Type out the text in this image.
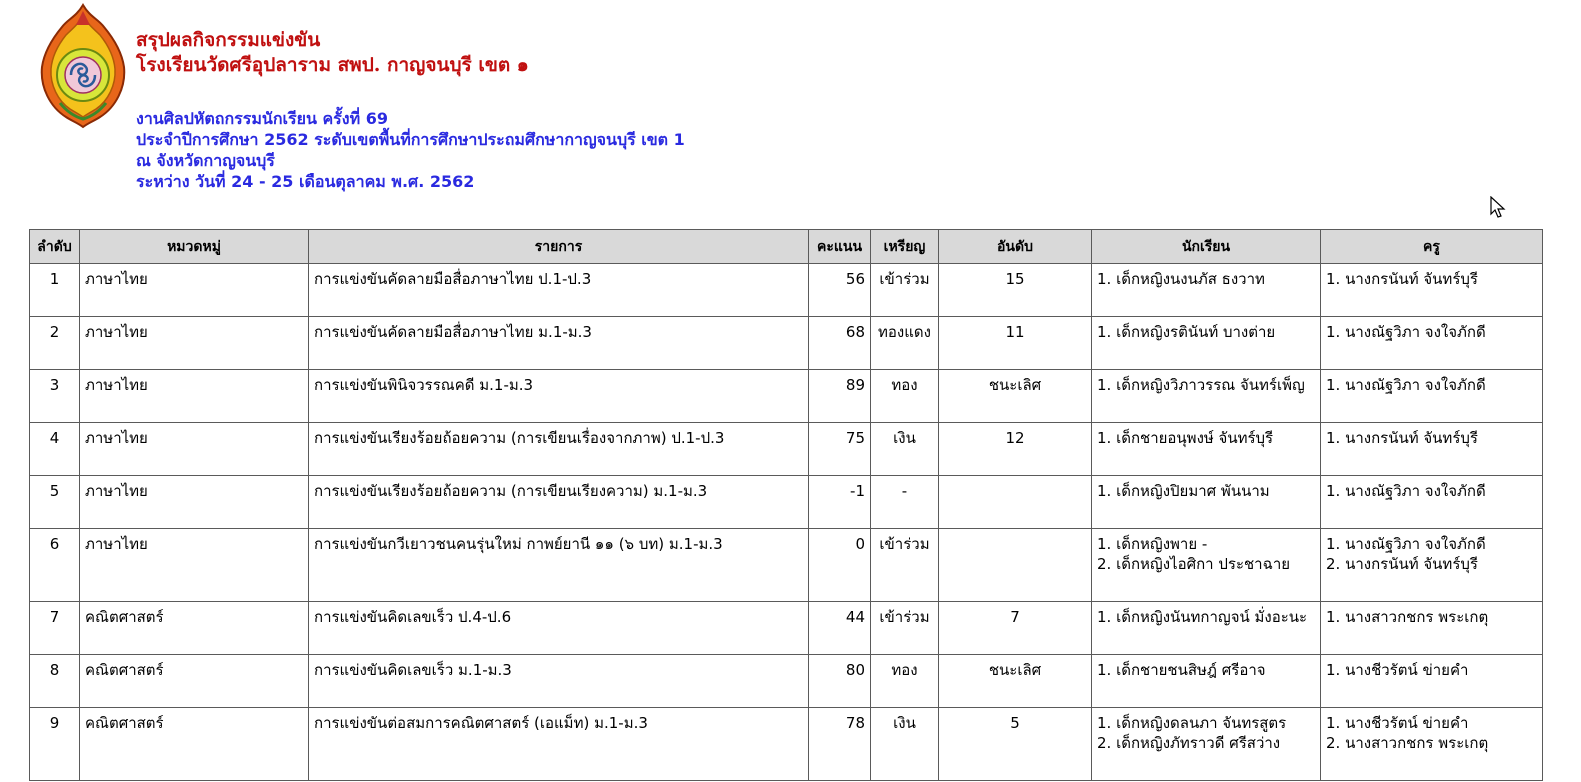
สรุปผลกิจกรรมแข่งขัน
โรงเรียนวัดศรีอุปลาราม สพป. กาญจนบุรี เขต ๑
งานศิลปหัตถกรรมนักเรียน ครั้งที่ 69
ประจำปีการศึกษา 2562 ระดับเขตพื้นที่การศึกษาประถมศึกษากาญจนบุรี เขต 1
ณ จังหวัดกาญจนบุรี
ระหว่าง วันที่ 24 - 25 เดือนตุลาคม พ.ศ. 2562
ลำดับ	หมวดหมู่	รายการ	คะแนน	เหรียญ	อันดับ	นักเรียน	ครู
1	ภาษาไทย	การแข่งขันคัดลายมือสื่อภาษาไทย ป.1-ป.3	56	เข้าร่วม	15	1. เด็กหญิงนงนภัส ธงวาท	1. นางกรนันท์ จันทร์บุรี

2	ภาษาไทย	การแข่งขันคัดลายมือสื่อภาษาไทย ม.1-ม.3	68	ทองแดง	11	1. เด็กหญิงรตินันท์ บางต่าย	1. นางณัฐวิภา จงใจภักดี

3	ภาษาไทย	การแข่งขันพินิจวรรณคดี ม.1-ม.3	89	ทอง	ชนะเลิศ	1. เด็กหญิงวิภาวรรณ จันทร์เพ็ญ	1. นางณัฐวิภา จงใจภักดี

4	ภาษาไทย	การแข่งขันเรียงร้อยถ้อยความ (การเขียนเรื่องจากภาพ) ป.1-ป.3	75	เงิน	12	1. เด็กชายอนุพงษ์ จันทร์บุรี	1. นางกรนันท์ จันทร์บุรี

5	ภาษาไทย	การแข่งขันเรียงร้อยถ้อยความ (การเขียนเรียงความ) ม.1-ม.3	-1	-		1. เด็กหญิงปิยมาศ พันนาม	1. นางณัฐวิภา จงใจภักดี

6	ภาษาไทย	การแข่งขันกวีเยาวชนคนรุ่นใหม่ กาพย์ยานี ๑๑ (๖ บท) ม.1-ม.3	0	เข้าร่วม		1. เด็กหญิงพาย -
2. เด็กหญิงไอศิกา ประชาฉาย	1. นางณัฐวิภา จงใจภักดี
2. นางกรนันท์ จันทร์บุรี

7	คณิตศาสตร์	การแข่งขันคิดเลขเร็ว ป.4-ป.6	44	เข้าร่วม	7	1. เด็กหญิงนันทกาญจน์ มั่งอะนะ	1. นางสาวกชกร พระเกตุ

8	คณิตศาสตร์	การแข่งขันคิดเลขเร็ว ม.1-ม.3	80	ทอง	ชนะเลิศ	1. เด็กชายชนสิษฎ์ ศรีอาจ	1. นางชีวรัตน์ ข่ายคำ

9	คณิตศาสตร์	การแข่งขันต่อสมการคณิตศาสตร์ (เอแม็ท) ม.1-ม.3	78	เงิน	5	1. เด็กหญิงดลนภา จันทรสูตร
2. เด็กหญิงภัทราวดี ศรีสว่าง	1. นางชีวรัตน์ ข่ายคำ
2. นางสาวกชกร พระเกตุ
